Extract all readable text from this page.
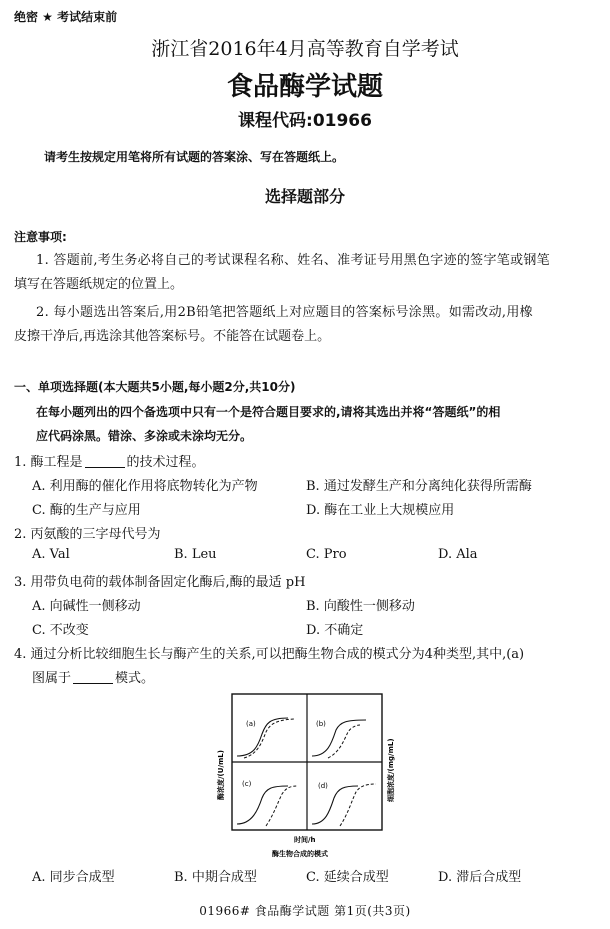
绝密 ★ 考试结束前
浙江省2016年4月高等教育自学考试
食品酶学试题
课程代码:01966
请考生按规定用笔将所有试题的答案涂、写在答题纸上。
选择题部分
注意事项:
1. 答题前,考生务必将自己的考试课程名称、姓名、准考证号用黑色字迹的签字笔或钢笔
填写在答题纸规定的位置上。
2. 每小题选出答案后,用2B铅笔把答题纸上对应题目的答案标号涂黑。如需改动,用橡
皮擦干净后,再选涂其他答案标号。不能答在试题卷上。
一、单项选择题(本大题共5小题,每小题2分,共10分)
在每小题列出的四个备选项中只有一个是符合题目要求的,请将其选出并将“答题纸”的相
应代码涂黑。错涂、多涂或未涂均无分。
1. 酶工程是	的技术过程。
A. 利用酶的催化作用将底物转化为产物	B. 通过发酵生产和分离纯化获得所需酶
C. 酶的生产与应用	D. 酶在工业上大规模应用
2. 丙氨酸的三字母代号为
A. Val	B. Leu	C. Pro	D. Ala
3. 用带负电荷的载体制备固定化酶后,酶的最适 pH
A. 向碱性一侧移动	B. 向酸性一侧移动
C. 不改变	D. 不确定
4. 通过分析比较细胞生长与酶产生的关系,可以把酶生物合成的模式分为4种类型,其中,(a)
图属于	模式。
(a)	(b)
(c)	(d)
酶浓度/(U/mL)	细胞浓度/(mg/mL)
时间/h
酶生物合成的模式
A. 同步合成型	B. 中期合成型	C. 延续合成型	D. 滞后合成型
01966# 食品酶学试题 第1页(共3页)
